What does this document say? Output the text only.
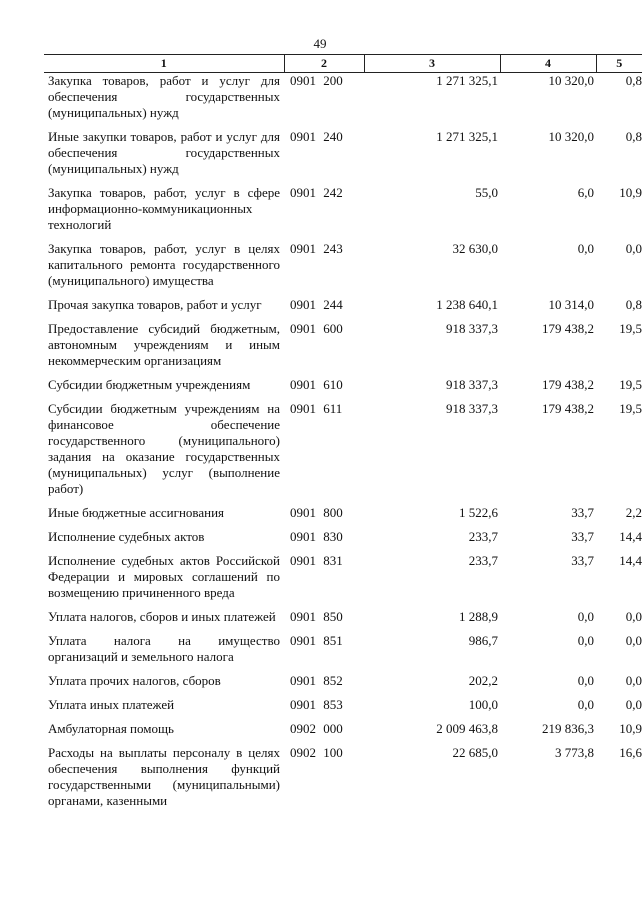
49
1	2	3	4	5
Закупка товаров, работ и услуг для обеспечения государственных (муниципальных) нужд	0901 200	1 271 325,1	10 320,0	0,8

Иные закупки товаров, работ и услуг для обеспечения государственных (муниципальных) нужд	0901 240	1 271 325,1	10 320,0	0,8

Закупка товаров, работ, услуг в сфере информационно-коммуникационных технологий	0901 242	55,0	6,0	10,9

Закупка товаров, работ, услуг в целях капитального ремонта государственного (муниципального) имущества	0901 243	32 630,0	0,0	0,0

Прочая закупка товаров, работ и услуг	0901 244	1 238 640,1	10 314,0	0,8

Предоставление субсидий бюджетным, автономным учреждениям и иным некоммерческим организациям	0901 600	918 337,3	179 438,2	19,5

Субсидии бюджетным учреждениям	0901 610	918 337,3	179 438,2	19,5

Субсидии бюджетным учреждениям на финансовое обеспечение государственного (муниципального) задания на оказание государственных (муниципальных) услуг (выполнение работ)	0901 611	918 337,3	179 438,2	19,5

Иные бюджетные ассигнования	0901 800	1 522,6	33,7	2,2

Исполнение судебных актов	0901 830	233,7	33,7	14,4

Исполнение судебных актов Российской Федерации и мировых соглашений по возмещению причиненного вреда	0901 831	233,7	33,7	14,4

Уплата налогов, сборов и иных платежей	0901 850	1 288,9	0,0	0,0

Уплата налога на имущество организаций и земельного налога	0901 851	986,7	0,0	0,0

Уплата прочих налогов, сборов	0901 852	202,2	0,0	0,0

Уплата иных платежей	0901 853	100,0	0,0	0,0

Амбулаторная помощь	0902 000	2 009 463,8	219 836,3	10,9

Расходы на выплаты персоналу в целях обеспечения выполнения функций государственными (муниципальными) органами, казенными	0902 100	22 685,0	3 773,8	16,6
